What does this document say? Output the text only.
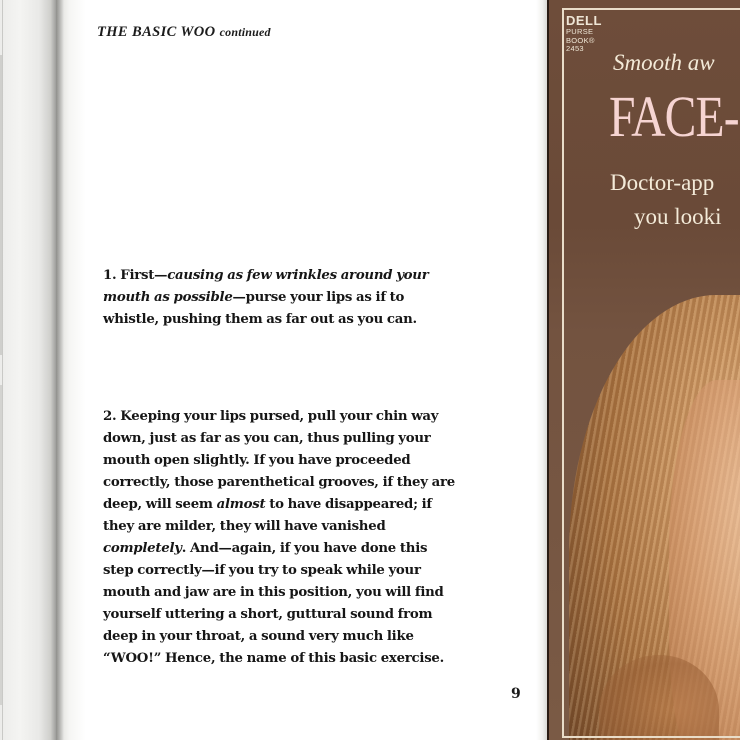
THE BASIC WOO continued

1. First—causing as few wrinkles around your
mouth as possible—purse your lips as if to
whistle, pushing them as far out as you can.

2. Keeping your lips pursed, pull your chin way
down, just as far as you can, thus pulling your
mouth open slightly. If you have proceeded
correctly, those parenthetical grooves, if they are
deep, will seem almost to have disappeared; if
they are milder, they will have vanished
completely. And—again, if you have done this
step correctly—if you try to speak while your
mouth and jaw are in this position, you will find
yourself uttering a short, guttural sound from
deep in your throat, a sound very much like
“WOO!” Hence, the name of this basic exercise.

9

DELL
PURSE
BOOK®
2453

Smooth aw

FACE-

Doctor-app
you looki
